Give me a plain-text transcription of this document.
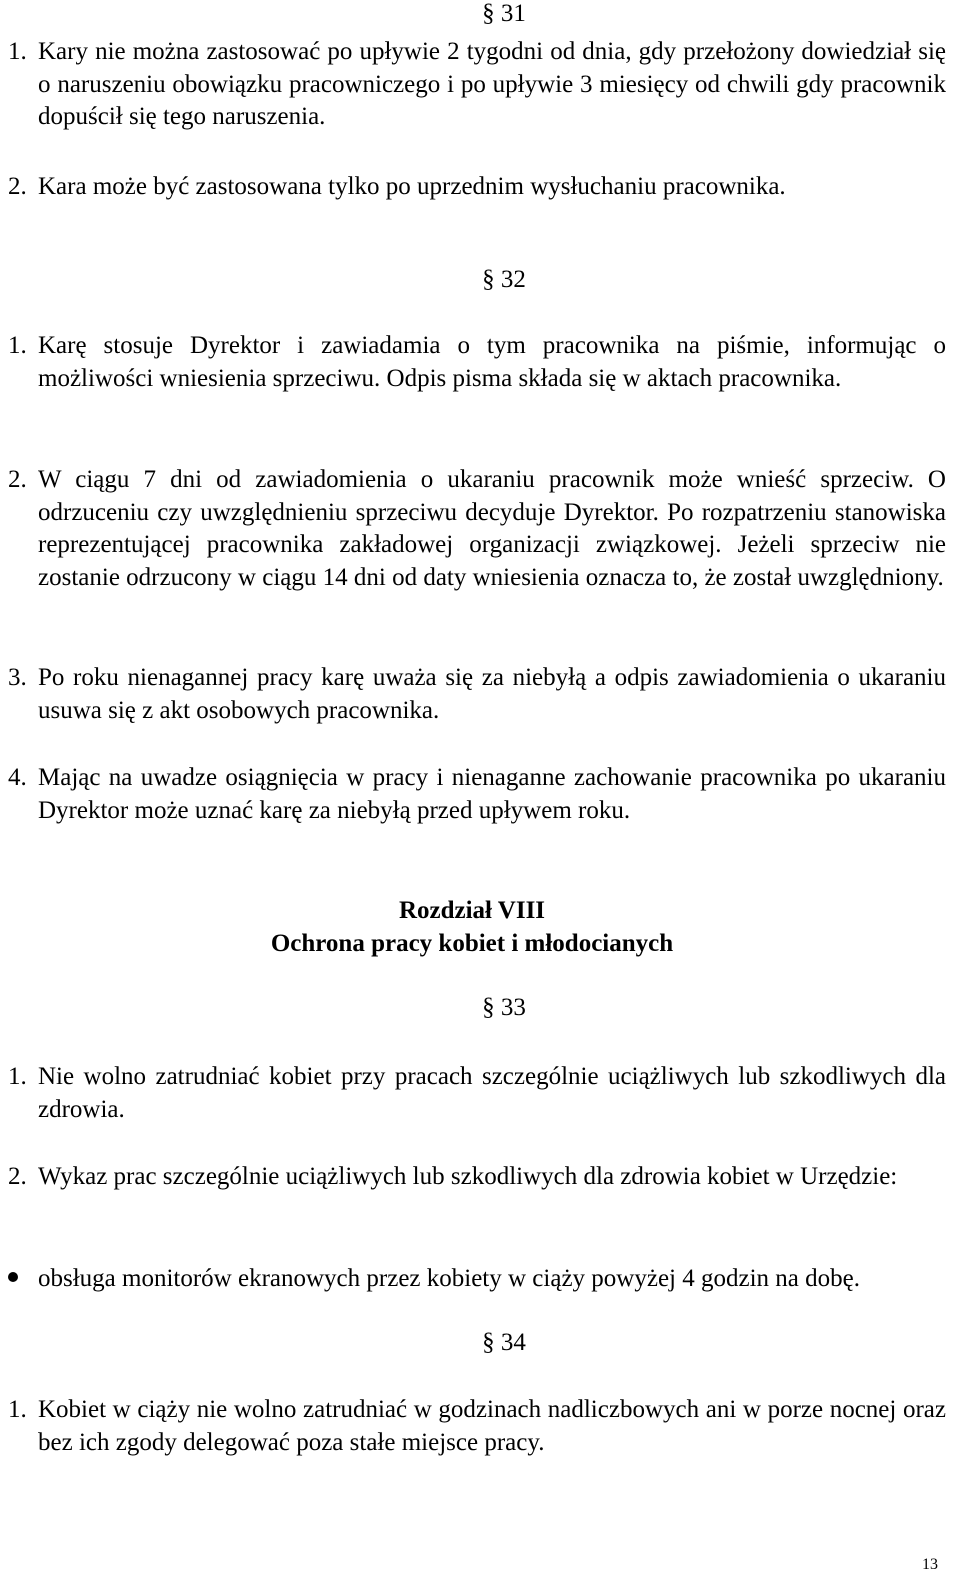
§ 31
1. Kary nie można zastosować po upływie 2 tygodni od dnia, gdy przełożony dowiedział się o naruszeniu obowiązku pracowniczego i po upływie 3 miesięcy od chwili gdy pracownik dopuścił się tego naruszenia.
2. Kara może być zastosowana tylko po uprzednim wysłuchaniu pracownika.
§ 32
1. Karę stosuje Dyrektor i zawiadamia o tym pracownika na piśmie, informując o możliwości wniesienia sprzeciwu. Odpis pisma składa się w aktach pracownika.
2. W ciągu 7 dni od zawiadomienia o ukaraniu pracownik może wnieść sprzeciw. O odrzuceniu czy uwzględnieniu sprzeciwu decyduje Dyrektor. Po rozpatrzeniu stanowiska reprezentującej pracownika zakładowej organizacji związkowej. Jeżeli sprzeciw nie zostanie odrzucony w ciągu 14 dni od daty wniesienia oznacza to, że został uwzględniony.
3. Po roku nienagannej pracy karę uważa się za niebyłą a odpis zawiadomienia o ukaraniu usuwa się z akt osobowych pracownika.
4. Mając na uwadze osiągnięcia w pracy i nienaganne zachowanie pracownika po ukaraniu Dyrektor może uznać karę za niebyłą przed upływem roku.
Rozdział VIII
Ochrona pracy kobiet i młodocianych
§ 33
1. Nie wolno zatrudniać kobiet przy pracach szczególnie uciążliwych lub szkodliwych dla zdrowia.
2. Wykaz prac szczególnie uciążliwych lub szkodliwych dla zdrowia kobiet w Urzędzie:
obsługa monitorów ekranowych przez kobiety w ciąży powyżej 4 godzin na dobę.
§ 34
1. Kobiet w ciąży nie wolno zatrudniać w godzinach nadliczbowych ani w porze nocnej oraz bez ich zgody delegować poza stałe miejsce pracy.
13
